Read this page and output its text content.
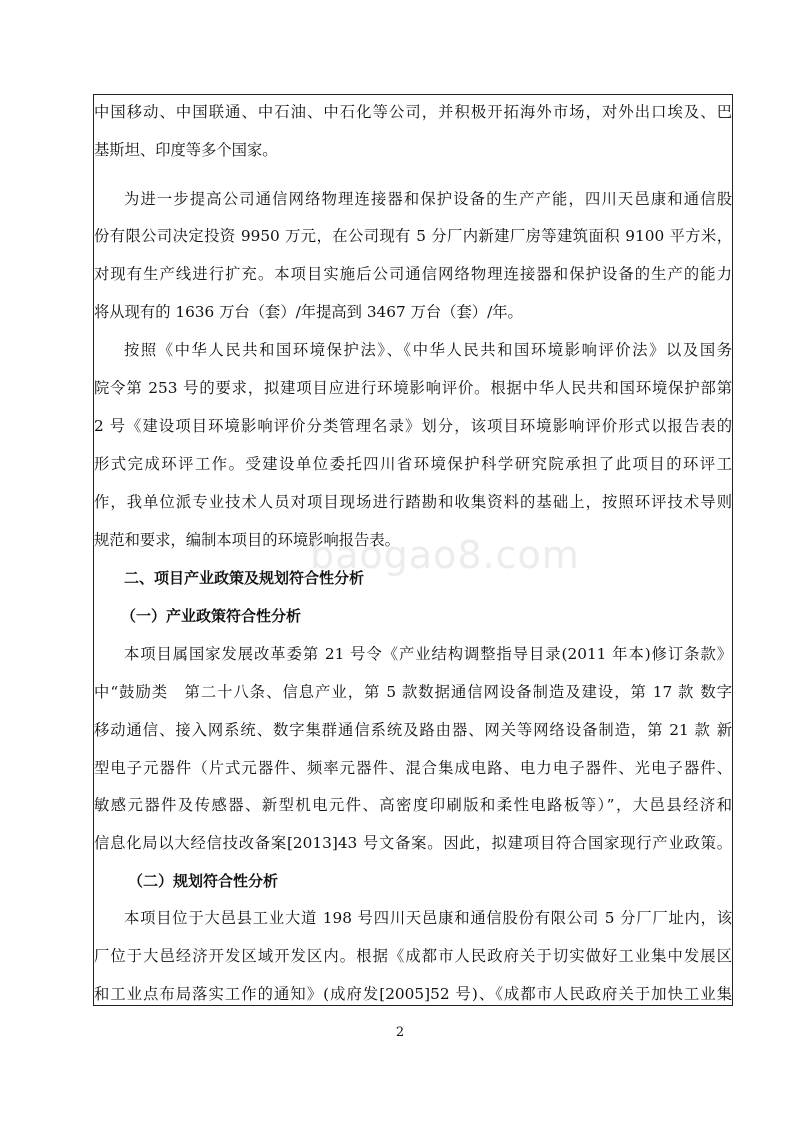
中国移动、中国联通、中石油、中石化等公司，并积极开拓海外市场，对外出口埃及、巴
基斯坦、印度等多个国家。
为进一步提高公司通信网络物理连接器和保护设备的生产产能，四川天邑康和通信股
份有限公司决定投资 9950 万元，在公司现有 5 分厂内新建厂房等建筑面积 9100 平方米，
对现有生产线进行扩充。本项目实施后公司通信网络物理连接器和保护设备的生产的能力
将从现有的 1636 万台（套）/年提高到 3467 万台（套）/年。
按照《中华人民共和国环境保护法》、《中华人民共和国环境影响评价法》以及国务
院令第 253 号的要求，拟建项目应进行环境影响评价。根据中华人民共和国环境保护部第
2 号《建设项目环境影响评价分类管理名录》划分，该项目环境影响评价形式以报告表的
形式完成环评工作。受建设单位委托四川省环境保护科学研究院承担了此项目的环评工
作，我单位派专业技术人员对项目现场进行踏勘和收集资料的基础上，按照环评技术导则
规范和要求，编制本项目的环境影响报告表。
二、项目产业政策及规划符合性分析
（一）产业政策符合性分析
本项目属国家发展改革委第 21 号令《产业结构调整指导目录(2011 年本)修订条款》
中“鼓励类　第二十八条、信息产业，第 5 款数据通信网设备制造及建设，第 17 款 数字
移动通信、接入网系统、数字集群通信系统及路由器、网关等网络设备制造，第 21 款 新
型电子元器件（片式元器件、频率元器件、混合集成电路、电力电子器件、光电子器件、
敏感元器件及传感器、新型机电元件、高密度印刷版和柔性电路板等）”，大邑县经济和
信息化局以大经信技改备案[2013]43 号文备案。因此，拟建项目符合国家现行产业政策。
（二）规划符合性分析
本项目位于大邑县工业大道 198 号四川天邑康和通信股份有限公司 5 分厂厂址内，该
厂位于大邑经济开发区域开发区内。根据《成都市人民政府关于切实做好工业集中发展区
和工业点布局落实工作的通知》(成府发[2005]52 号)、《成都市人民政府关于加快工业集
baogao8.com
2
